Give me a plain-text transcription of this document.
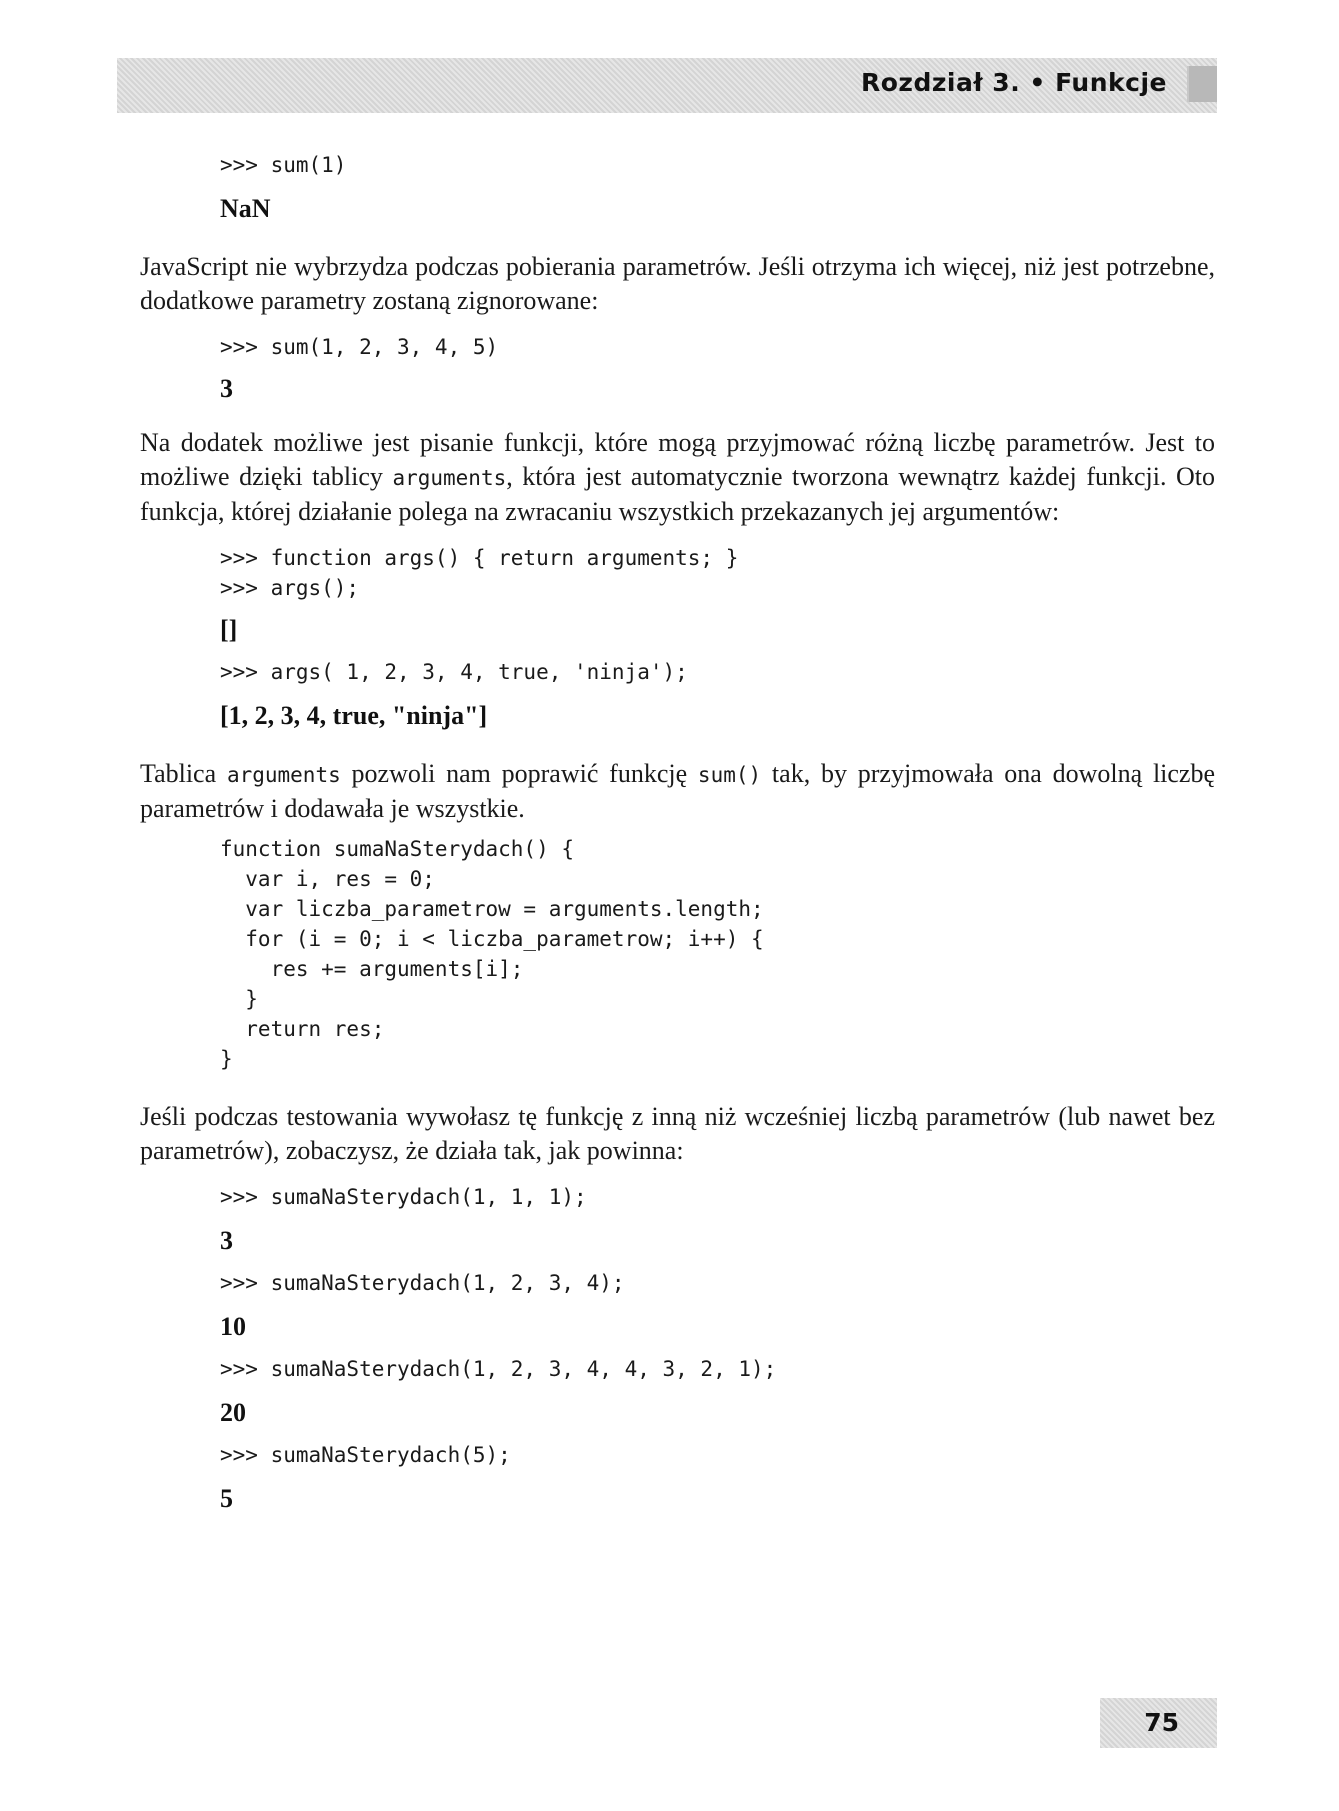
Rozdział 3. • Funkcje
>>> sum(1)
NaN

JavaScript nie wybrzydza podczas pobierania parametrów. Jeśli otrzyma ich więcej, niż jest potrzebne, dodatkowe parametry zostaną zignorowane:

>>> sum(1, 2, 3, 4, 5)
3

Na dodatek możliwe jest pisanie funkcji, które mogą przyjmować różną liczbę parametrów. Jest to możliwe dzięki tablicy arguments, która jest automatycznie tworzona wewnątrz każdej funkcji. Oto funkcja, której działanie polega na zwracaniu wszystkich przekazanych jej argumentów:

>>> function args() { return arguments; }
>>> args();
[]
>>> args( 1, 2, 3, 4, true, 'ninja');
[1, 2, 3, 4, true, "ninja"]

Tablica arguments pozwoli nam poprawić funkcję sum() tak, by przyjmowała ona dowolną liczbę parametrów i dodawała je wszystkie.

function sumaNaSterydach() {
var i, res = 0;
var liczba_parametrow = arguments.length;
for (i = 0; i < liczba_parametrow; i++) {
res += arguments[i];
}
return res;
}

Jeśli podczas testowania wywołasz tę funkcję z inną niż wcześniej liczbą parametrów (lub nawet bez parametrów), zobaczysz, że działa tak, jak powinna:

>>> sumaNaSterydach(1, 1, 1);
3
>>> sumaNaSterydach(1, 2, 3, 4);
10
>>> sumaNaSterydach(1, 2, 3, 4, 4, 3, 2, 1);
20
>>> sumaNaSterydach(5);
5
75
